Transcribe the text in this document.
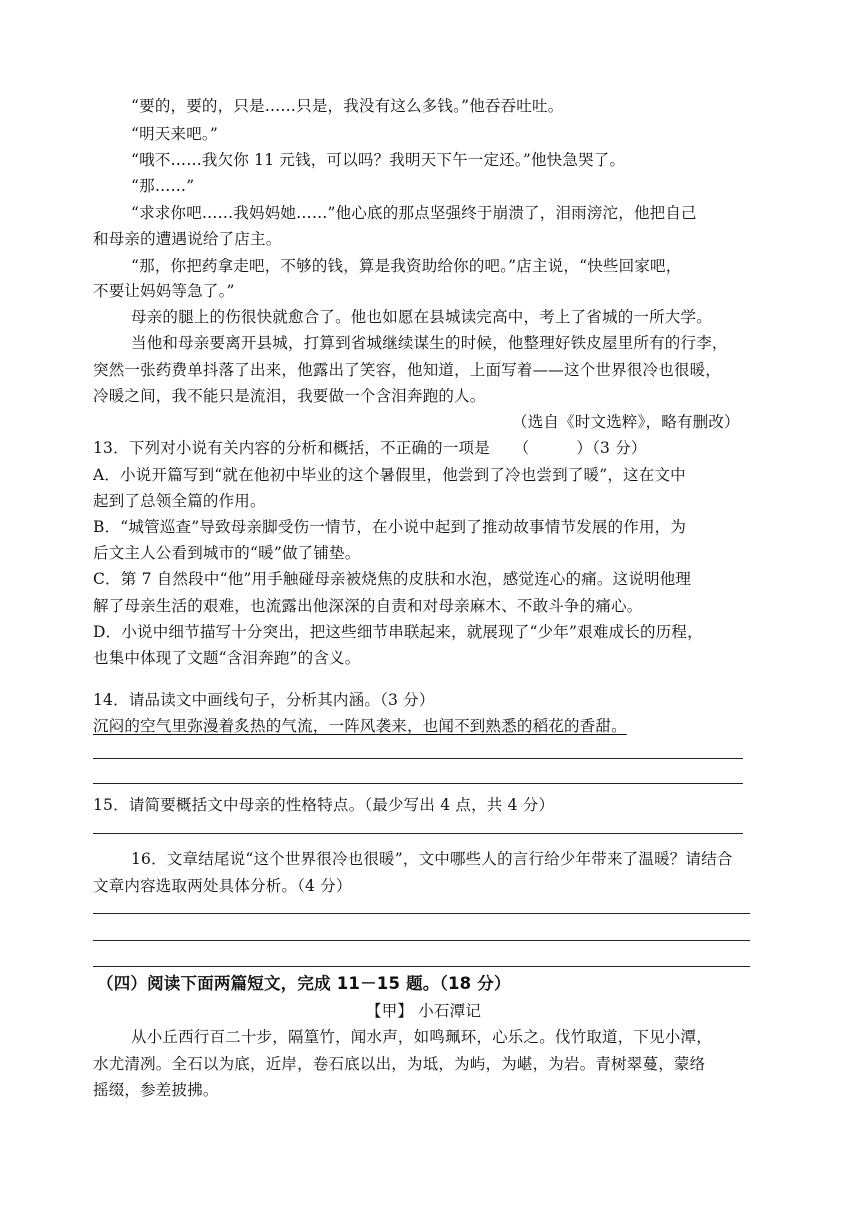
“要的，要的，只是……只是，我没有这么多钱。”他吞吞吐吐。
“明天来吧。”
“哦不……我欠你 11 元钱，可以吗？我明天下午一定还。”他快急哭了。
“那……”
“求求你吧……我妈妈她……”他心底的那点坚强终于崩溃了，泪雨滂沱，他把自己
和母亲的遭遇说给了店主。
“那，你把药拿走吧，不够的钱，算是我资助给你的吧。”店主说，“快些回家吧，
不要让妈妈等急了。”
母亲的腿上的伤很快就愈合了。他也如愿在县城读完高中，考上了省城的一所大学。
当他和母亲要离开县城，打算到省城继续谋生的时候，他整理好铁皮屋里所有的行李，
突然一张药费单抖落了出来，他露出了笑容，他知道，上面写着——这个世界很冷也很暖，
冷暖之间，我不能只是流泪，我要做一个含泪奔跑的人。
（选自《时文选粹》，略有删改）
13．下列对小说有关内容的分析和概括，不正确的一项是　　（　　　）（3 分）
A．小说开篇写到“就在他初中毕业的这个暑假里，他尝到了冷也尝到了暖”，这在文中
起到了总领全篇的作用。
B．“城管巡查”导致母亲脚受伤一情节，在小说中起到了推动故事情节发展的作用，为
后文主人公看到城市的“暖”做了铺垫。
C．第 7 自然段中“他”用手触碰母亲被烧焦的皮肤和水泡，感觉连心的痛。这说明他理
解了母亲生活的艰难，也流露出他深深的自责和对母亲麻木、不敢斗争的痛心。
D．小说中细节描写十分突出，把这些细节串联起来，就展现了“少年”艰难成长的历程，
也集中体现了文题“含泪奔跑”的含义。
14．请品读文中画线句子，分析其内涵。（3 分）
沉闷的空气里弥漫着炙热的气流，一阵风袭来，也闻不到熟悉的稻花的香甜。
15．请简要概括文中母亲的性格特点。（最少写出 4 点，共 4 分）
16．文章结尾说“这个世界很冷也很暖”，文中哪些人的言行给少年带来了温暖？请结合
文章内容选取两处具体分析。（4 分）
（四）阅读下面两篇短文，完成 11－15 题。（18 分）
【甲】 小石潭记
从小丘西行百二十步，隔篁竹，闻水声，如鸣珮环，心乐之。伐竹取道，下见小潭，
水尤清冽。全石以为底，近岸，卷石底以出，为坻，为屿，为嵁，为岩。青树翠蔓，蒙络
摇缀，参差披拂。
